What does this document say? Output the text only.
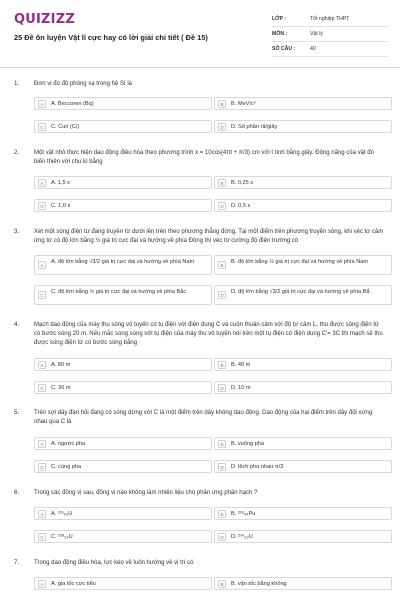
QUIZIZZ
25 Đề ôn luyện Vật lí cực hay có lời giải chi tiết ( Đề 15)
LỚP :	Tốt nghiệp THPT
MÔN :	Vật lý
SỐ CÂU :	40
1. Đơn vị đo độ phóng xạ trong hệ SI là
A	A. Beccoren (Bq)	B	B. MeV/c²
C	C. Curi (Ci)	D	D. Số phân rã/giây
2. Một vật nhỏ thực hiện dao động điều hòa theo phương trình x = 10cos(4πt + π/3) cm với t tính bằng giây. Động năng của vật đó biến thiên với chu kì bằng
A	A. 1,5 s	B	B. 0,25 s
C	C. 1,0 s	D	D. 0,5 s
3. Xét một sóng điện từ đang truyền từ dưới lên trên theo phương thẳng đứng. Tại một điểm trên phương truyền sóng, khi véc tơ cảm ứng từ có độ lớn bằng ½ giá trị cực đại và hướng về phía Đông thì véc tơ cường độ điện trường có
A
A. độ lớn bằng √3/2 giá trị cực đại và hướng về phía Nam
B
B. độ lớn bằng ½ giá trị cực đại và hướng về phía Nam
C
C. độ lớn bằng ½ giá trị cực đại và hướng về phía Bắc
D
D. độ lớn bằng √3/2 giá trị cực đại và hướng về phía Bắ
4. Mạch dao động của máy thu sóng vô tuyến có tụ điện với điện dung C và cuộn thuần cảm với độ tự cảm L, thu được sóng điện từ có bước sóng 20 m. Nếu mắc song song với tụ điện của máy thu vô tuyến nói trên một tụ điện có điện dung C'= 3C thì mạch sẽ thu được sóng điện từ có bước sóng bằng
A	A. 80 m	B	B. 40 m
C	C. 30 m	D	D. 10 m
5. Trên sợi dây đàn hồi đang có sóng dừng với C là một điểm trên dây không dao động. Dao động của hai điểm trên dây đối xứng nhau qua C là
A	A. ngược pha	B	B. vuông pha
C	C. cùng pha	D	D. lệch pha nhau π/3
6. Trong các đồng vị sau, đồng vị nào không làm nhiên liệu cho phản ứng phân hạch ?
A	A. ²³⁵₉₂U	B	B. ²³⁹₉₄Pu
C	C. ²³⁸₉₂U	D	D. ²³⁴₉₂U
7. Trong dao động điều hòa, lực kéo về luôn hướng về vị trí có
A	A. gia tốc cực tiểu	B	B. vận tốc bằng không
